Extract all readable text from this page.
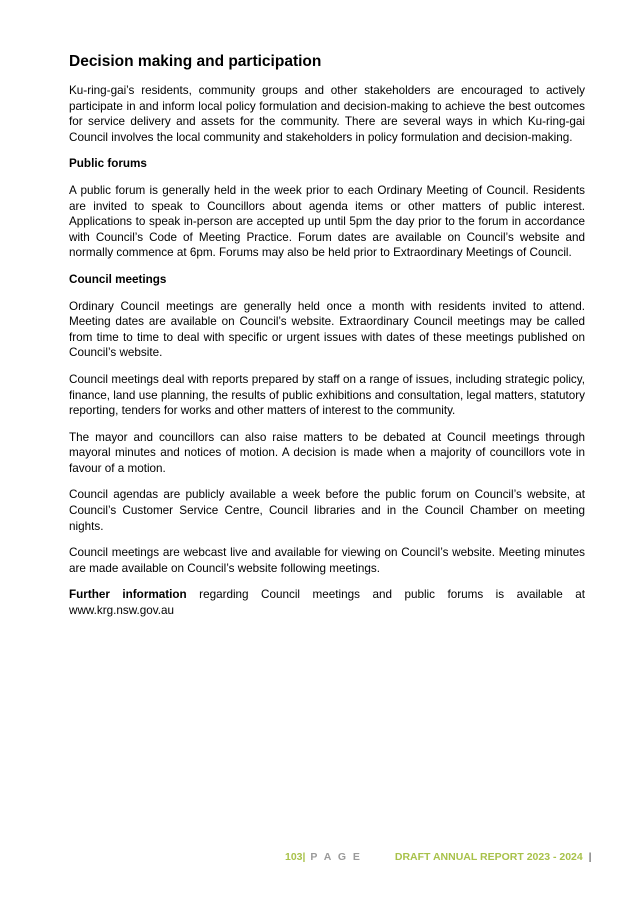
Decision making and participation

Ku-ring-gai’s residents, community groups and other stakeholders are encouraged to actively participate in and inform local policy formulation and decision-making to achieve the best outcomes for service delivery and assets for the community. There are several ways in which Ku-ring-gai Council involves the local community and stakeholders in policy formulation and decision-making.

Public forums

A public forum is generally held in the week prior to each Ordinary Meeting of Council. Residents are invited to speak to Councillors about agenda items or other matters of public interest. Applications to speak in-person are accepted up until 5pm the day prior to the forum in accordance with Council’s Code of Meeting Practice. Forum dates are available on Council’s website and normally commence at 6pm. Forums may also be held prior to Extraordinary Meetings of Council.

Council meetings

Ordinary Council meetings are generally held once a month with residents invited to attend. Meeting dates are available on Council’s website. Extraordinary Council meetings may be called from time to time to deal with specific or urgent issues with dates of these meetings published on Council’s website.

Council meetings deal with reports prepared by staff on a range of issues, including strategic policy, finance, land use planning, the results of public exhibitions and consultation, legal matters, statutory reporting, tenders for works and other matters of interest to the community.

The mayor and councillors can also raise matters to be debated at Council meetings through mayoral minutes and notices of motion. A decision is made when a majority of councillors vote in favour of a motion.

Council agendas are publicly available a week before the public forum on Council’s website, at Council’s Customer Service Centre, Council libraries and in the Council Chamber on meeting nights.

Council meetings are webcast live and available for viewing on Council’s website. Meeting minutes are made available on Council’s website following meetings.

Further information regarding Council meetings and public forums is available at www.krg.nsw.gov.au

103| P A G E	DRAFT ANNUAL REPORT 2023 - 2024 |
